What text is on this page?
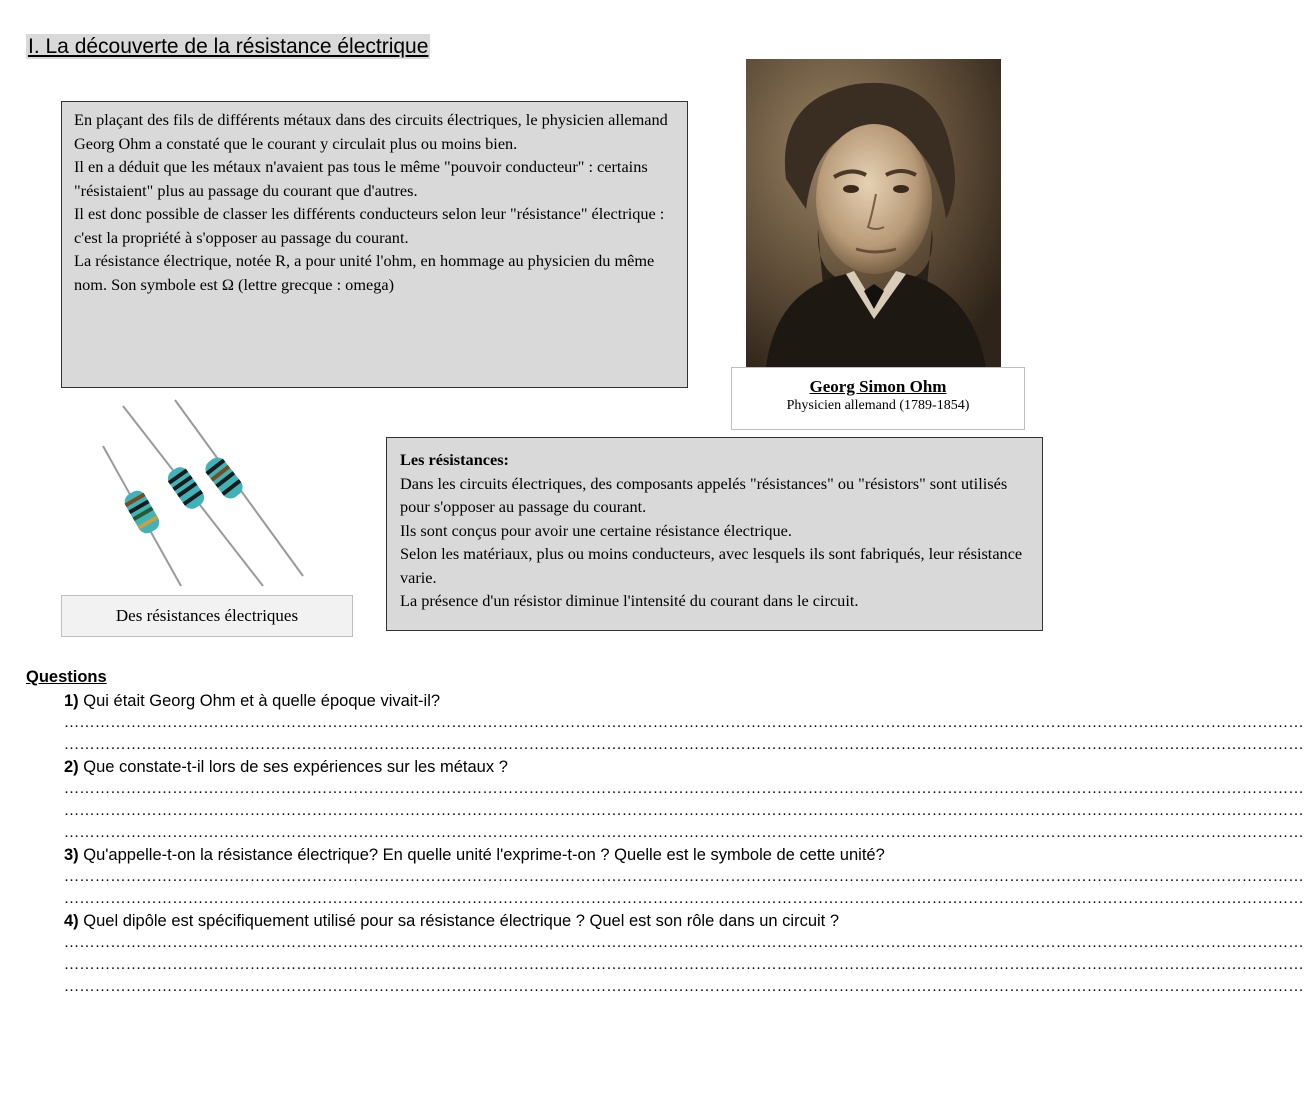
I. La découverte de la résistance électrique

En plaçant des fils de différents métaux dans des circuits électriques, le physicien allemand Georg Ohm a constaté que le courant y circulait plus ou moins bien.

Il en a déduit que les métaux n'avaient pas tous le même "pouvoir conducteur" : certains "résistaient" plus au passage du courant que d'autres.

Il est donc possible de classer les différents conducteurs selon leur "résistance" électrique : c'est la propriété à s'opposer au passage du courant.

La résistance électrique, notée R, a pour unité l'ohm, en hommage au physicien du même nom. Son symbole est Ω (lettre grecque : omega)

Georg Simon Ohm
Physicien allemand (1789-1854)
Des résistances électriques

Les résistances:

Dans les circuits électriques, des composants appelés "résistances" ou "résistors" sont utilisés pour s'opposer au passage du courant.

Ils sont conçus pour avoir une certaine résistance électrique.

Selon les matériaux, plus ou moins conducteurs, avec lesquels ils sont fabriqués, leur résistance varie.

La présence d'un résistor diminue l'intensité du courant dans le circuit.

Questions

1) Qui était Georg Ohm et à quelle époque vivait-il?

……………………………………………………………………………………………………………………………………………………………………………………………………………………
……………………………………………………………………………………………………………………………………………………………………………………………………………………

2) Que constate-t-il lors de ses expériences sur les métaux ?

……………………………………………………………………………………………………………………………………………………………………………………………………………………
……………………………………………………………………………………………………………………………………………………………………………………………………………………
……………………………………………………………………………………………………………………………………………………………………………………………………………………

3) Qu'appelle-t-on la résistance électrique? En quelle unité l'exprime-t-on ? Quelle est le symbole de cette unité?

……………………………………………………………………………………………………………………………………………………………………………………………………………………
……………………………………………………………………………………………………………………………………………………………………………………………………………………

4) Quel dipôle est spécifiquement utilisé pour sa résistance électrique ? Quel est son rôle dans un circuit ?

……………………………………………………………………………………………………………………………………………………………………………………………………………………
……………………………………………………………………………………………………………………………………………………………………………………………………………………
……………………………………………………………………………………………………………………………………………………………………………………………………………………
